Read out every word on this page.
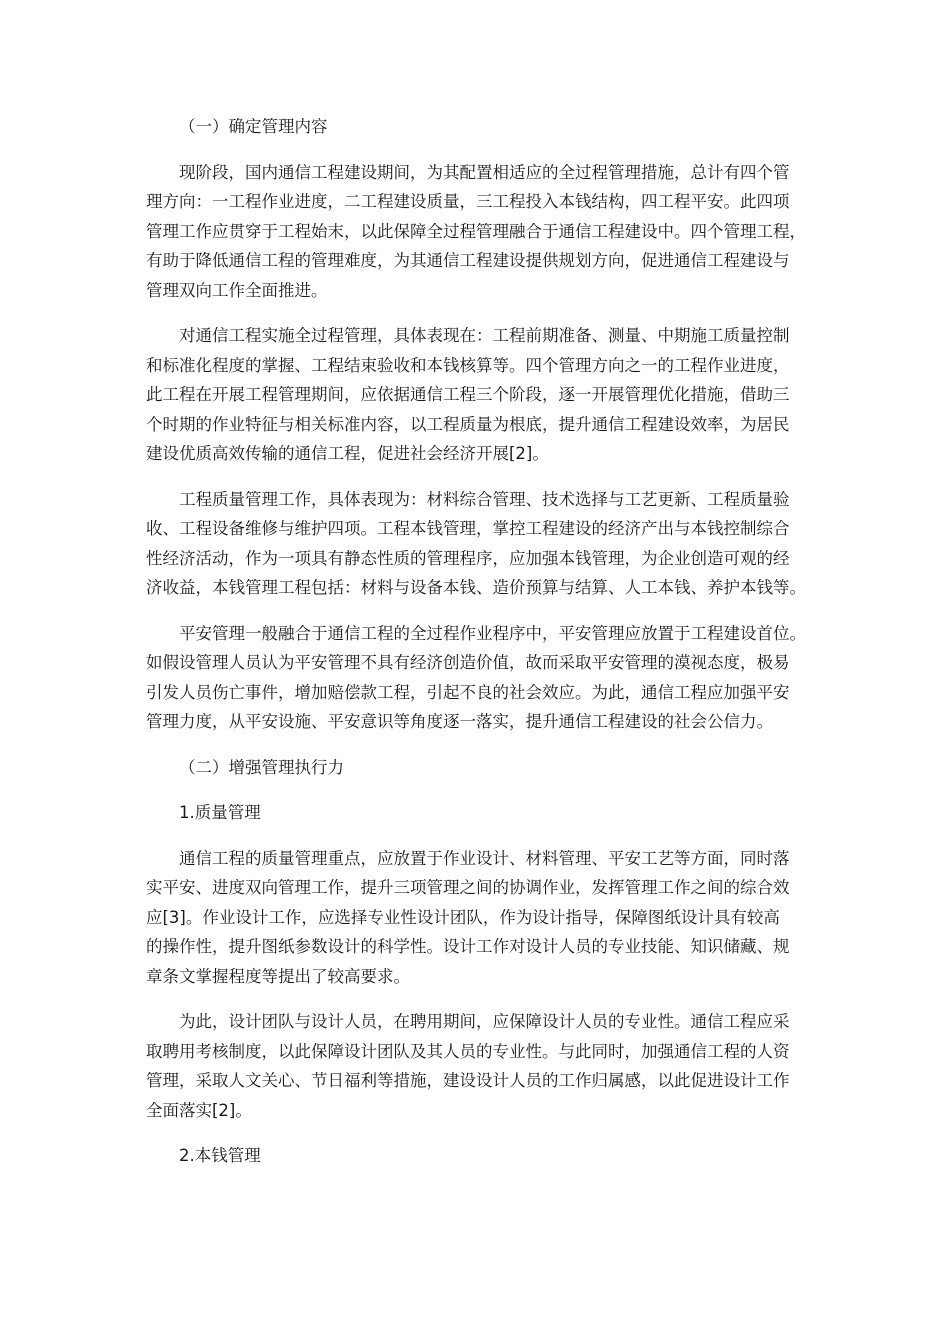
（一）确定管理内容
现阶段，国内通信工程建设期间，为其配置相适应的全过程管理措施，总计有四个管
理方向：一工程作业进度，二工程建设质量，三工程投入本钱结构，四工程平安。此四项
管理工作应贯穿于工程始末，以此保障全过程管理融合于通信工程建设中。四个管理工程，
有助于降低通信工程的管理难度，为其通信工程建设提供规划方向，促进通信工程建设与
管理双向工作全面推进。
对通信工程实施全过程管理，具体表现在：工程前期准备、测量、中期施工质量控制
和标准化程度的掌握、工程结束验收和本钱核算等。四个管理方向之一的工程作业进度，
此工程在开展工程管理期间，应依据通信工程三个阶段，逐一开展管理优化措施，借助三
个时期的作业特征与相关标准内容，以工程质量为根底，提升通信工程建设效率，为居民
建设优质高效传输的通信工程，促进社会经济开展[2]。
工程质量管理工作，具体表现为：材料综合管理、技术选择与工艺更新、工程质量验
收、工程设备维修与维护四项。工程本钱管理，掌控工程建设的经济产出与本钱控制综合
性经济活动，作为一项具有静态性质的管理程序，应加强本钱管理，为企业创造可观的经
济收益，本钱管理工程包括：材料与设备本钱、造价预算与结算、人工本钱、养护本钱等。
平安管理一般融合于通信工程的全过程作业程序中，平安管理应放置于工程建设首位。
如假设管理人员认为平安管理不具有经济创造价值，故而采取平安管理的漠视态度，极易
引发人员伤亡事件，增加赔偿款工程，引起不良的社会效应。为此，通信工程应加强平安
管理力度，从平安设施、平安意识等角度逐一落实，提升通信工程建设的社会公信力。
（二）增强管理执行力
1.质量管理
通信工程的质量管理重点，应放置于作业设计、材料管理、平安工艺等方面，同时落
实平安、进度双向管理工作，提升三项管理之间的协调作业，发挥管理工作之间的综合效
应[3]。作业设计工作，应选择专业性设计团队，作为设计指导，保障图纸设计具有较高
的操作性，提升图纸参数设计的科学性。设计工作对设计人员的专业技能、知识储藏、规
章条文掌握程度等提出了较高要求。
为此，设计团队与设计人员，在聘用期间，应保障设计人员的专业性。通信工程应采
取聘用考核制度，以此保障设计团队及其人员的专业性。与此同时，加强通信工程的人资
管理，采取人文关心、节日福利等措施，建设设计人员的工作归属感，以此促进设计工作
全面落实[2]。
2.本钱管理
